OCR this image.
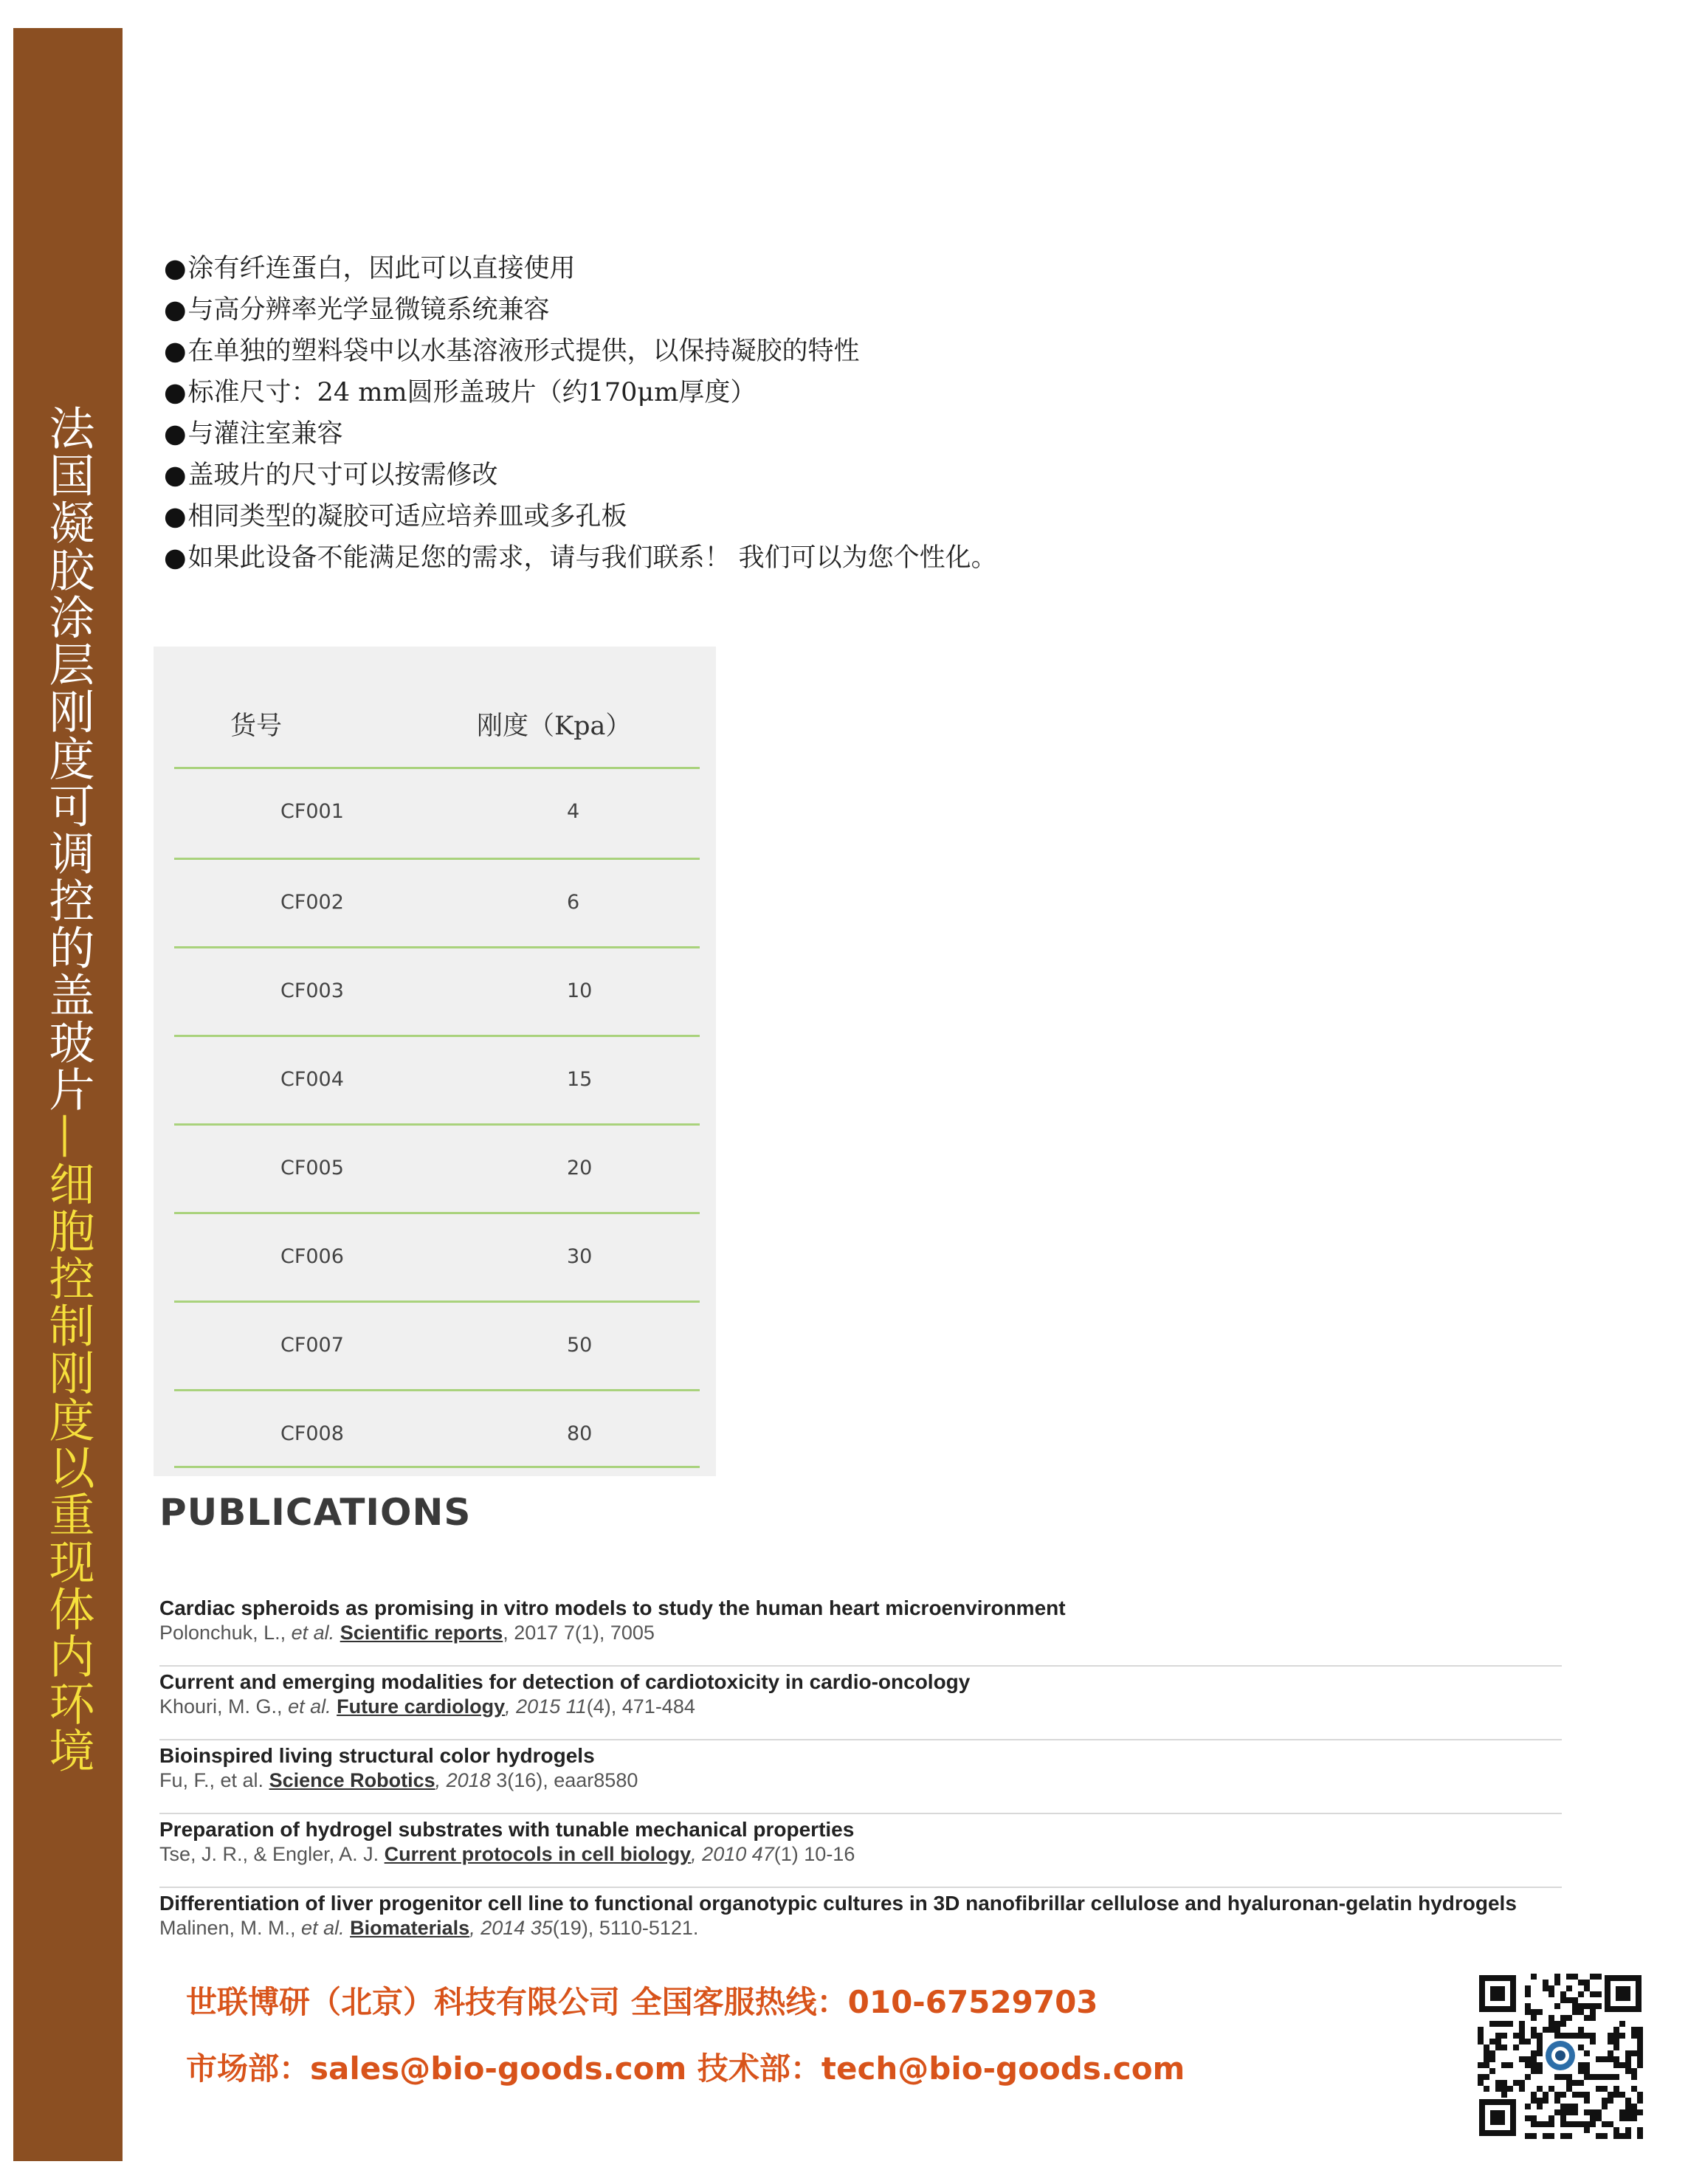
法国凝胶涂层刚度可调控的盖玻片—细胞控制刚度以重现体内环境
●涂有纤连蛋白，因此可以直接使用
●与高分辨率光学显微镜系统兼容
●在单独的塑料袋中以水基溶液形式提供，以保持凝胶的特性
●标准尺寸：24 mm圆形盖玻片（约170μm厚度）
●与灌注室兼容
●盖玻片的尺寸可以按需修改
●相同类型的凝胶可适应培养皿或多孔板
●如果此设备不能满足您的需求，请与我们联系！ 我们可以为您个性化。
货号	刚度（Kpa）
CF001	4
CF002	6
CF003	10
CF004	15
CF005	20
CF006	30
CF007	50
CF008	80
PUBLICATIONS
Cardiac spheroids as promising in vitro models to study the human heart microenvironment
Polonchuk, L., et al. Scientific reports, 2017 7(1), 7005
Current and emerging modalities for detection of cardiotoxicity in cardio-oncology
Khouri, M. G., et al. Future cardiology, 2015 11(4), 471-484
Bioinspired living structural color hydrogels
Fu, F., et al. Science Robotics, 2018 3(16), eaar8580
Preparation of hydrogel substrates with tunable mechanical properties
Tse, J. R., & Engler, A. J. Current protocols in cell biology, 2010 47(1) 10-16
Differentiation of liver progenitor cell line to functional organotypic cultures in 3D nanofibrillar cellulose and hyaluronan-gelatin hydrogels
Malinen, M. M., et al. Biomaterials, 2014 35(19), 5110-5121.
世联博研（北京）科技有限公司 全国客服热线：010-67529703
市场部：sales@bio-goods.com 技术部：tech@bio-goods.com
